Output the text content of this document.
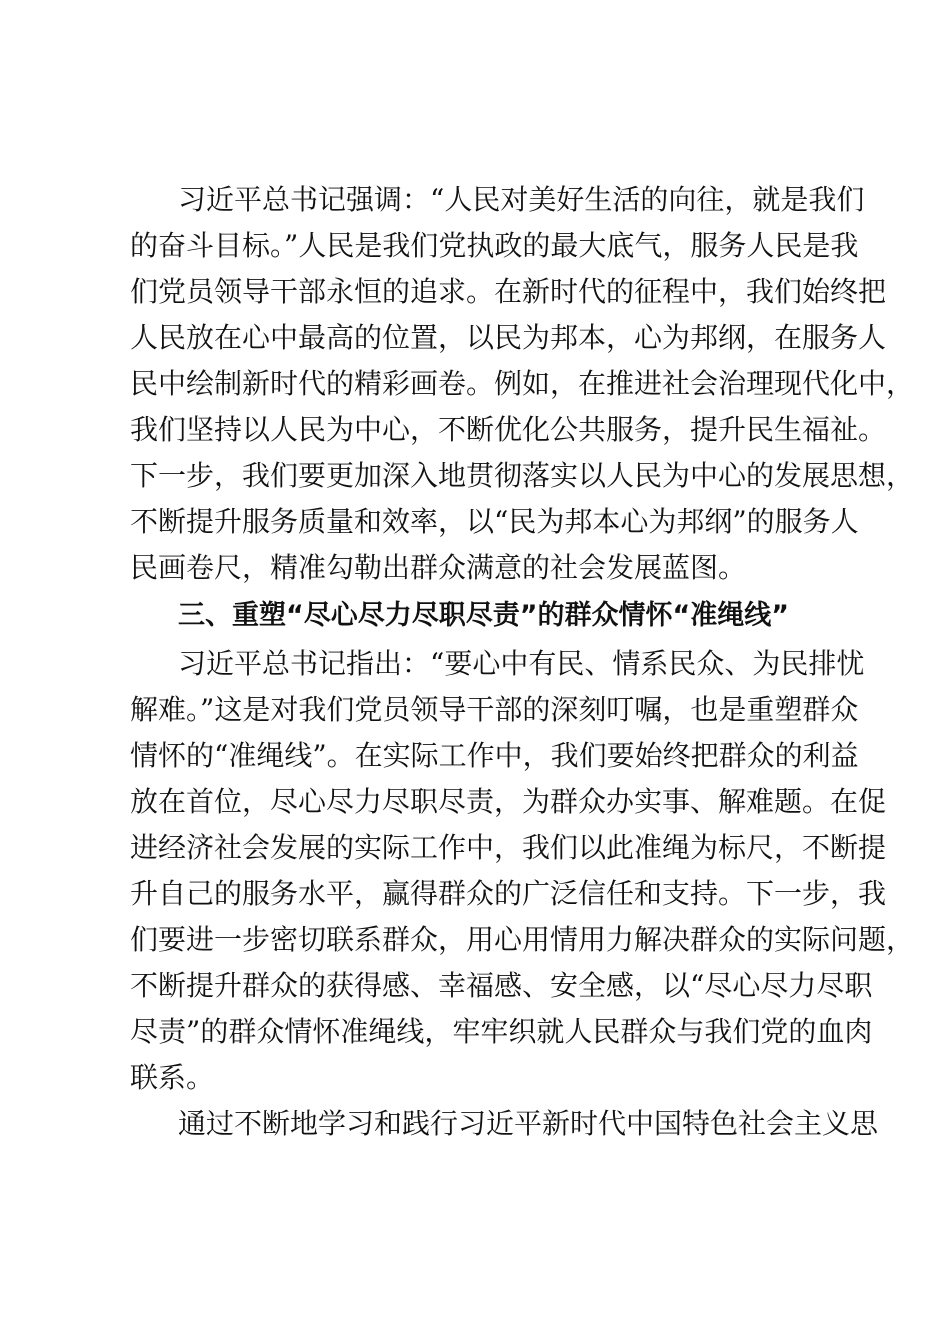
习近平总书记强调：“人民对美好生活的向往，就是我们
的奋斗目标。”人民是我们党执政的最大底气，服务人民是我
们党员领导干部永恒的追求。在新时代的征程中，我们始终把
人民放在心中最高的位置，以民为邦本，心为邦纲，在服务人
民中绘制新时代的精彩画卷。例如，在推进社会治理现代化中，
我们坚持以人民为中心，不断优化公共服务，提升民生福祉。
下一步，我们要更加深入地贯彻落实以人民为中心的发展思想，
不断提升服务质量和效率，以“民为邦本心为邦纲”的服务人
民画卷尺，精准勾勒出群众满意的社会发展蓝图。
三、重塑“尽心尽力尽职尽责”的群众情怀“准绳线”
习近平总书记指出：“要心中有民、情系民众、为民排忧
解难。”这是对我们党员领导干部的深刻叮嘱，也是重塑群众
情怀的“准绳线”。在实际工作中，我们要始终把群众的利益
放在首位，尽心尽力尽职尽责，为群众办实事、解难题。在促
进经济社会发展的实际工作中，我们以此准绳为标尺，不断提
升自己的服务水平，赢得群众的广泛信任和支持。下一步，我
们要进一步密切联系群众，用心用情用力解决群众的实际问题，
不断提升群众的获得感、幸福感、安全感，以“尽心尽力尽职
尽责”的群众情怀准绳线，牢牢织就人民群众与我们党的血肉
联系。
通过不断地学习和践行习近平新时代中国特色社会主义思
